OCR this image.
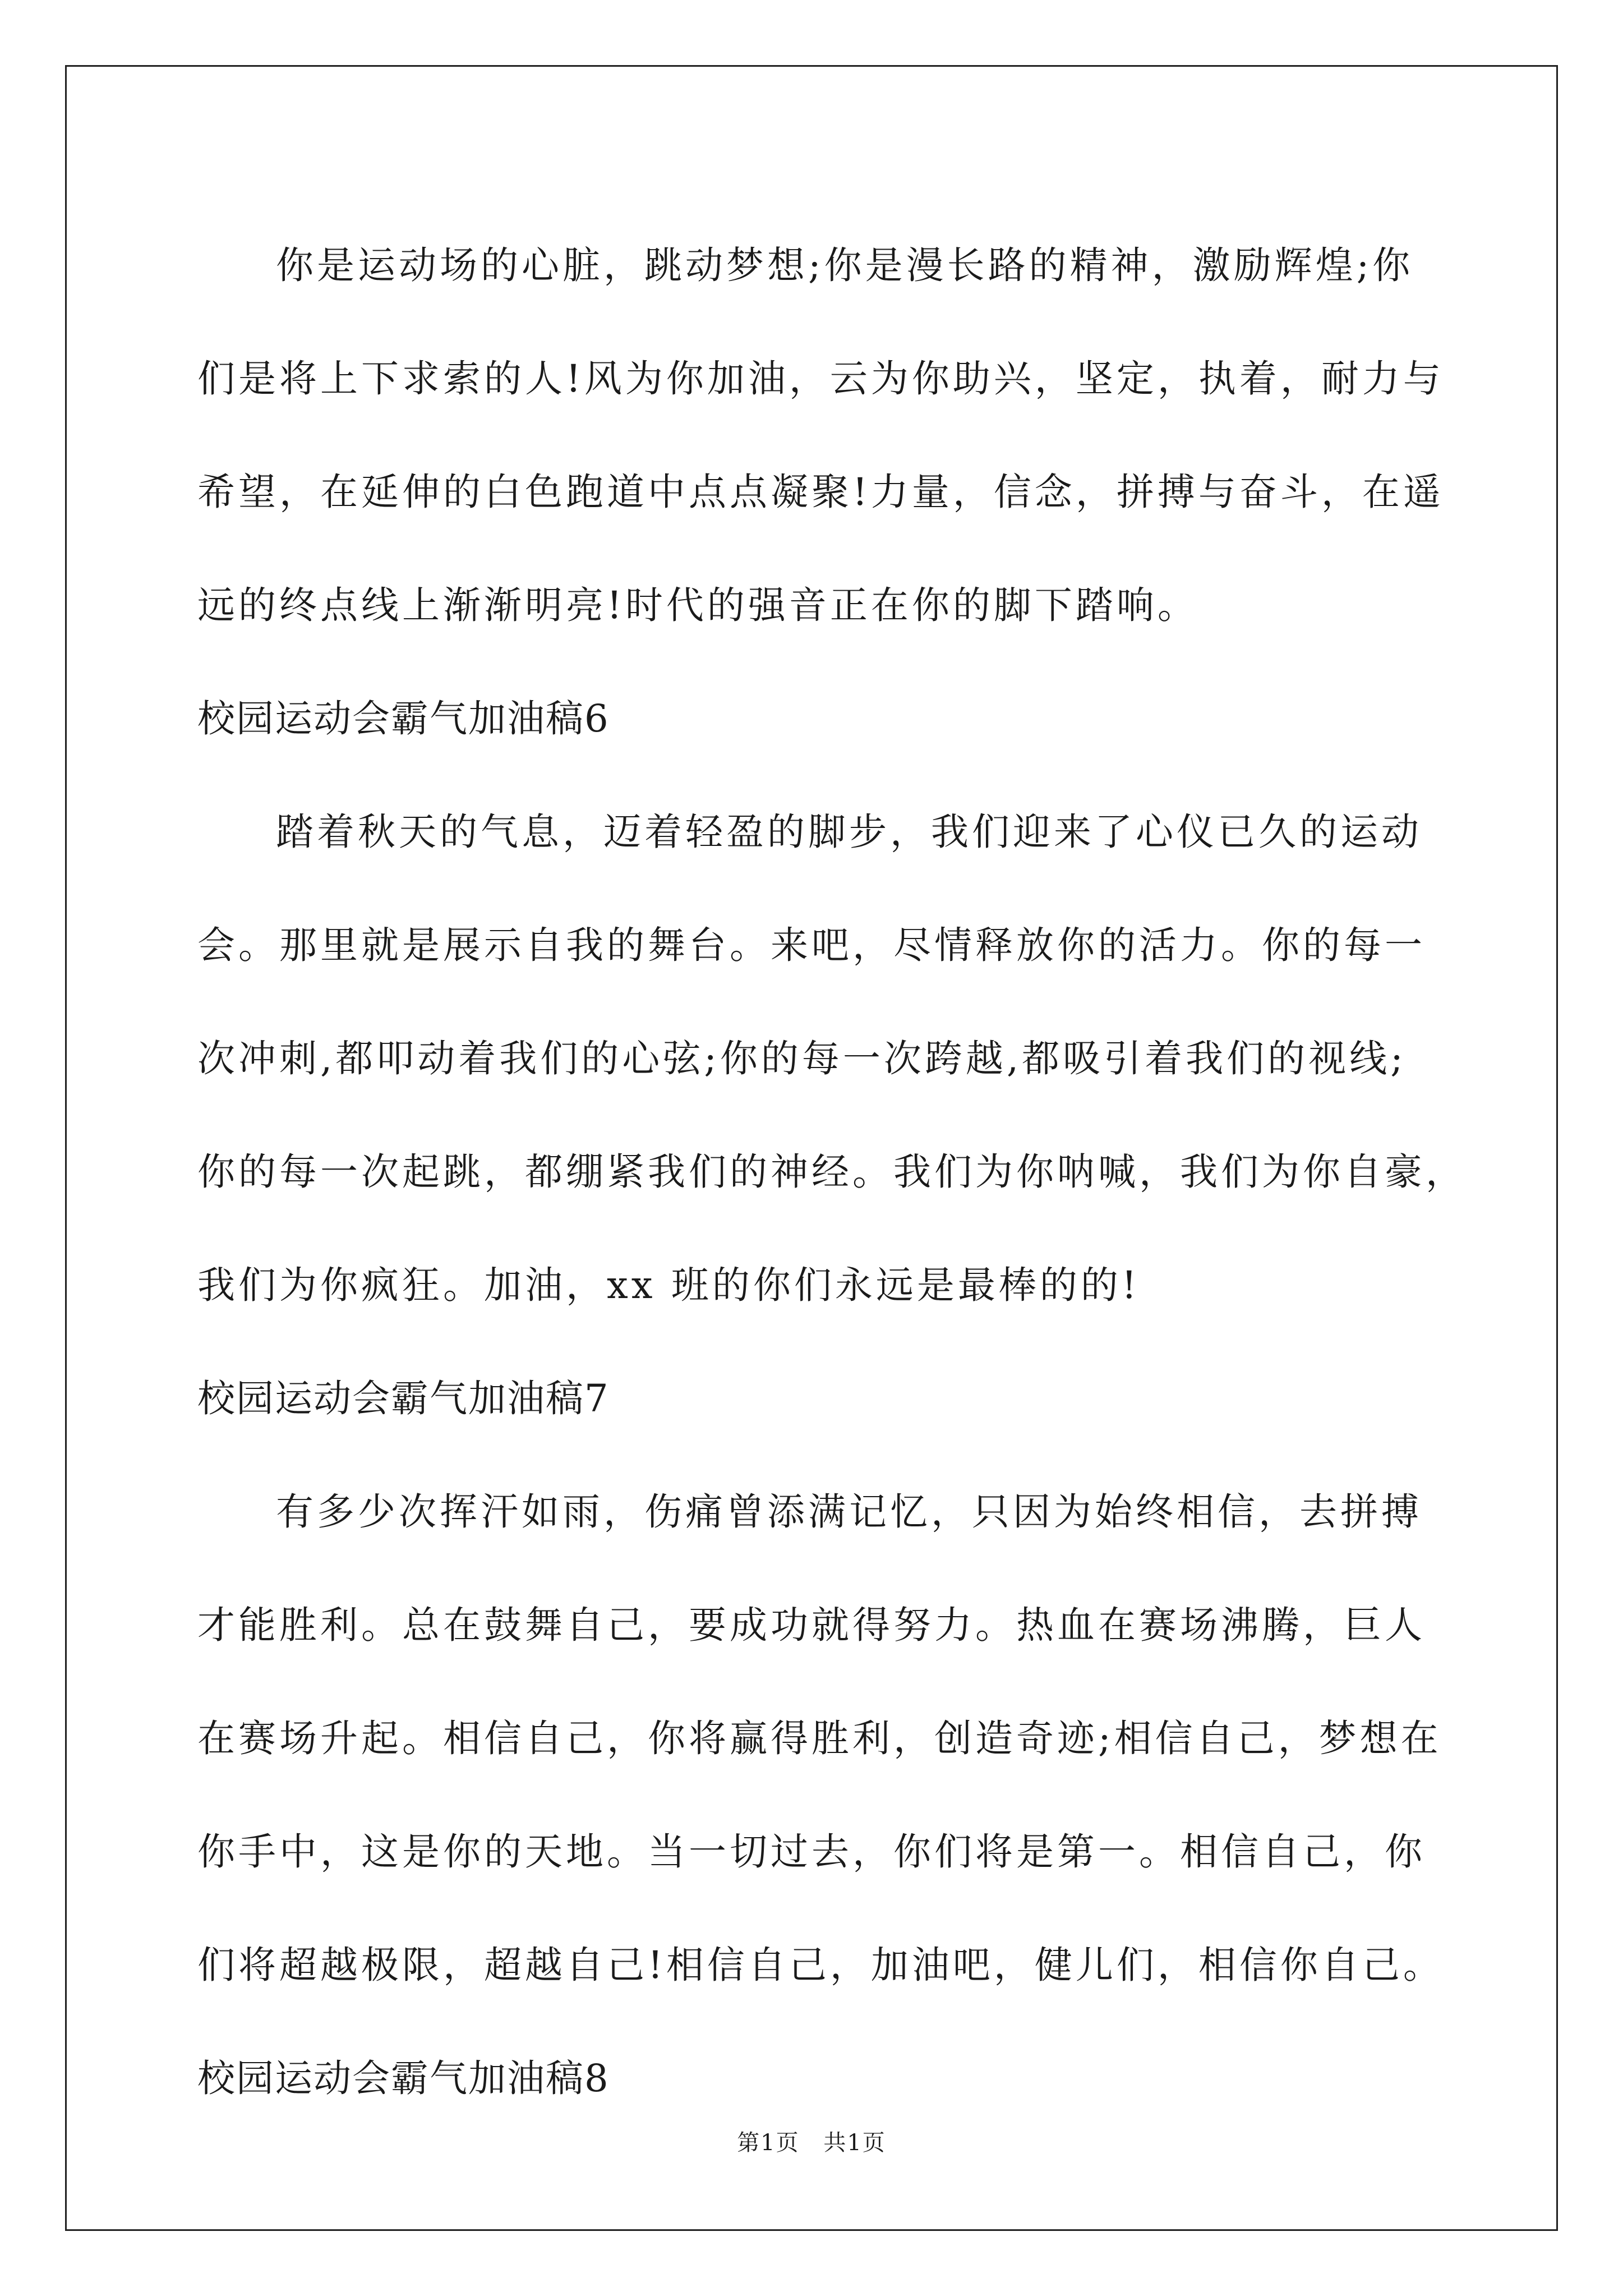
你是运动场的心脏，跳动梦想;你是漫长路的精神，激励辉煌;你
们是将上下求索的人!风为你加油，云为你助兴，坚定，执着，耐力与
希望，在延伸的白色跑道中点点凝聚!力量，信念，拼搏与奋斗，在遥
远的终点线上渐渐明亮!时代的强音正在你的脚下踏响。
校园运动会霸气加油稿6
踏着秋天的气息，迈着轻盈的脚步，我们迎来了心仪已久的运动
会。那里就是展示自我的舞台。来吧，尽情释放你的活力。你的每一
次冲刺,都叩动着我们的心弦;你的每一次跨越,都吸引着我们的视线;
你的每一次起跳，都绷紧我们的神经。我们为你呐喊，我们为你自豪，
我们为你疯狂。加油，xx 班的你们永远是最棒的的!
校园运动会霸气加油稿7
有多少次挥汗如雨，伤痛曾添满记忆，只因为始终相信，去拼搏
才能胜利。总在鼓舞自己，要成功就得努力。热血在赛场沸腾，巨人
在赛场升起。相信自己，你将赢得胜利，创造奇迹;相信自己，梦想在
你手中，这是你的天地。当一切过去，你们将是第一。相信自己，你
们将超越极限，超越自己!相信自己，加油吧，健儿们，相信你自己。
校园运动会霸气加油稿8
第1页 共1页
